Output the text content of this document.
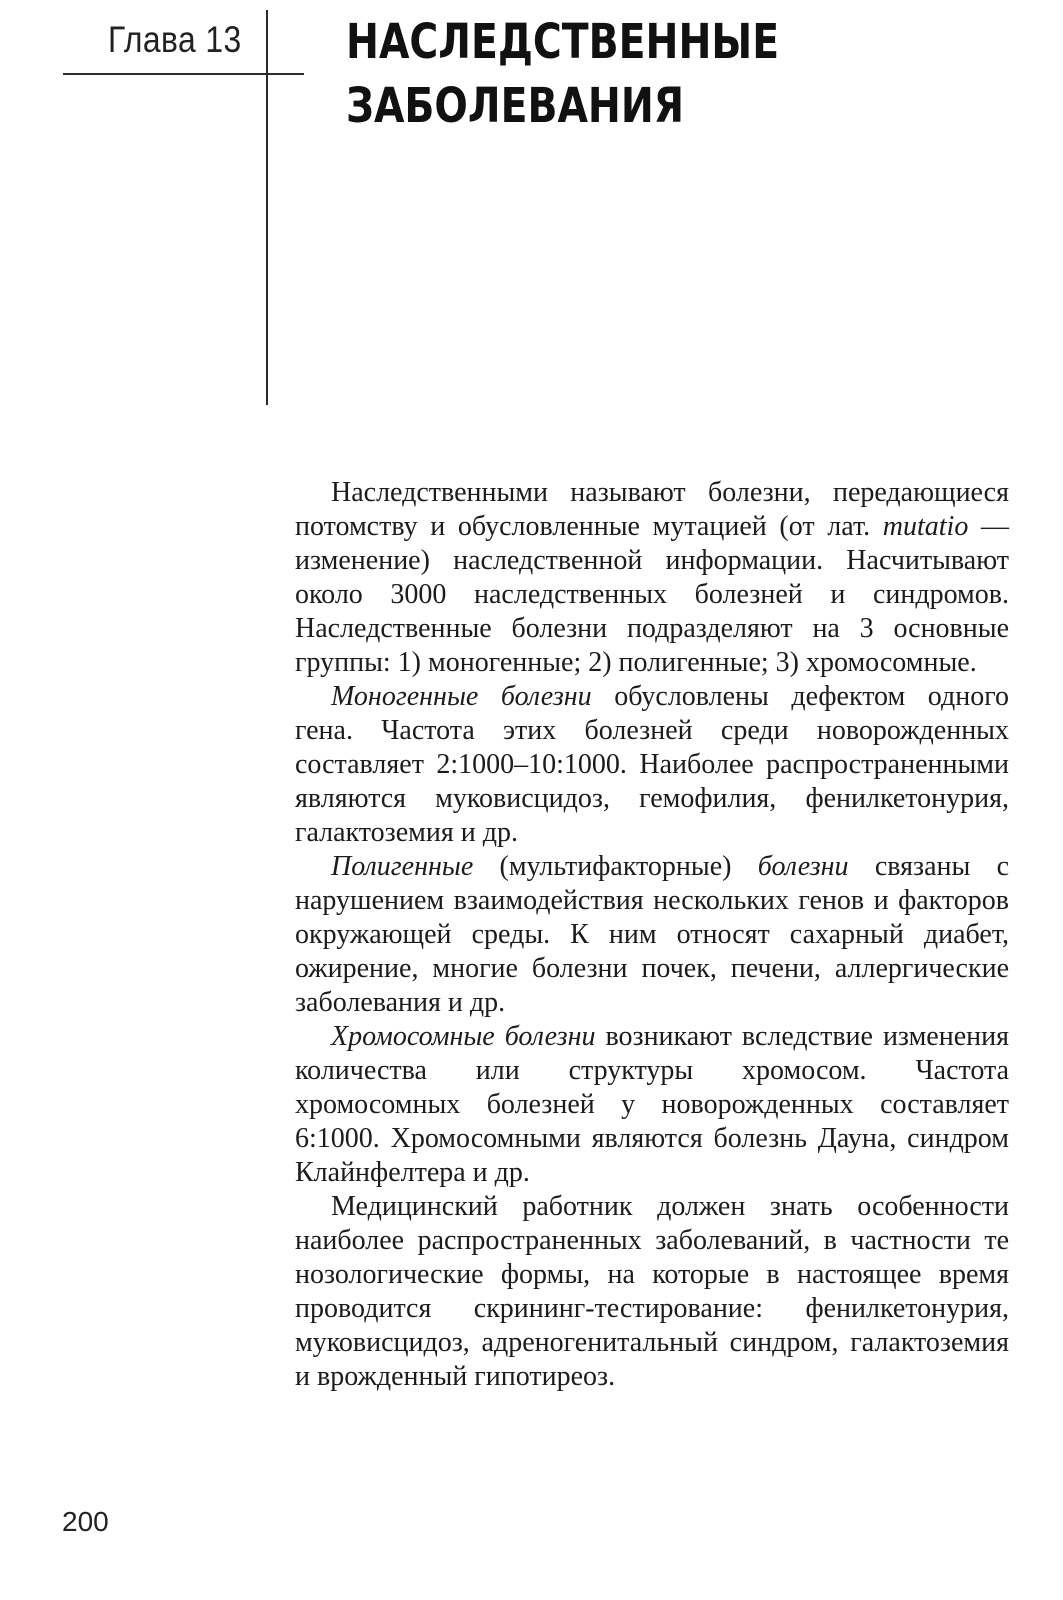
Глава 13 НАСЛЕДСТВЕННЫЕ
ЗАБОЛЕВАНИЯ

Наследственными называют болезни, передающиеся потомству и обусловленные мутацией (от лат. mutatio — изменение) наследственной информации. Насчитывают около 3000 наследственных болезней и синдромов. Наследственные болезни подразделяют на 3 основные группы: 1) моногенные; 2) полигенные; 3) хромосомные.

Моногенные болезни обусловлены дефектом одного гена. Частота этих болезней среди новорожденных составляет 2:1000–10:1000. Наиболее распространенными являются муковисцидоз, гемофилия, фенилкетонурия, галактоземия и др.

Полигенные (мультифакторные) болезни связаны с нарушением взаимодействия нескольких генов и факторов окружающей среды. К ним относят сахарный диабет, ожирение, многие болезни почек, печени, аллергические заболевания и др.

Хромосомные болезни возникают вследствие изменения количества или структуры хромосом. Частота хромосомных болезней у новорожденных составляет 6:1000. Хромосомными являются болезнь Дауна, синдром Клайнфелтера и др.

Медицинский работник должен знать особенности наиболее распространенных заболеваний, в частности те нозологические формы, на которые в настоящее время проводится скрининг-тестирование: фенилкетонурия, муковисцидоз, адреногенитальный синдром, галактоземия и врожденный гипотиреоз.

200
